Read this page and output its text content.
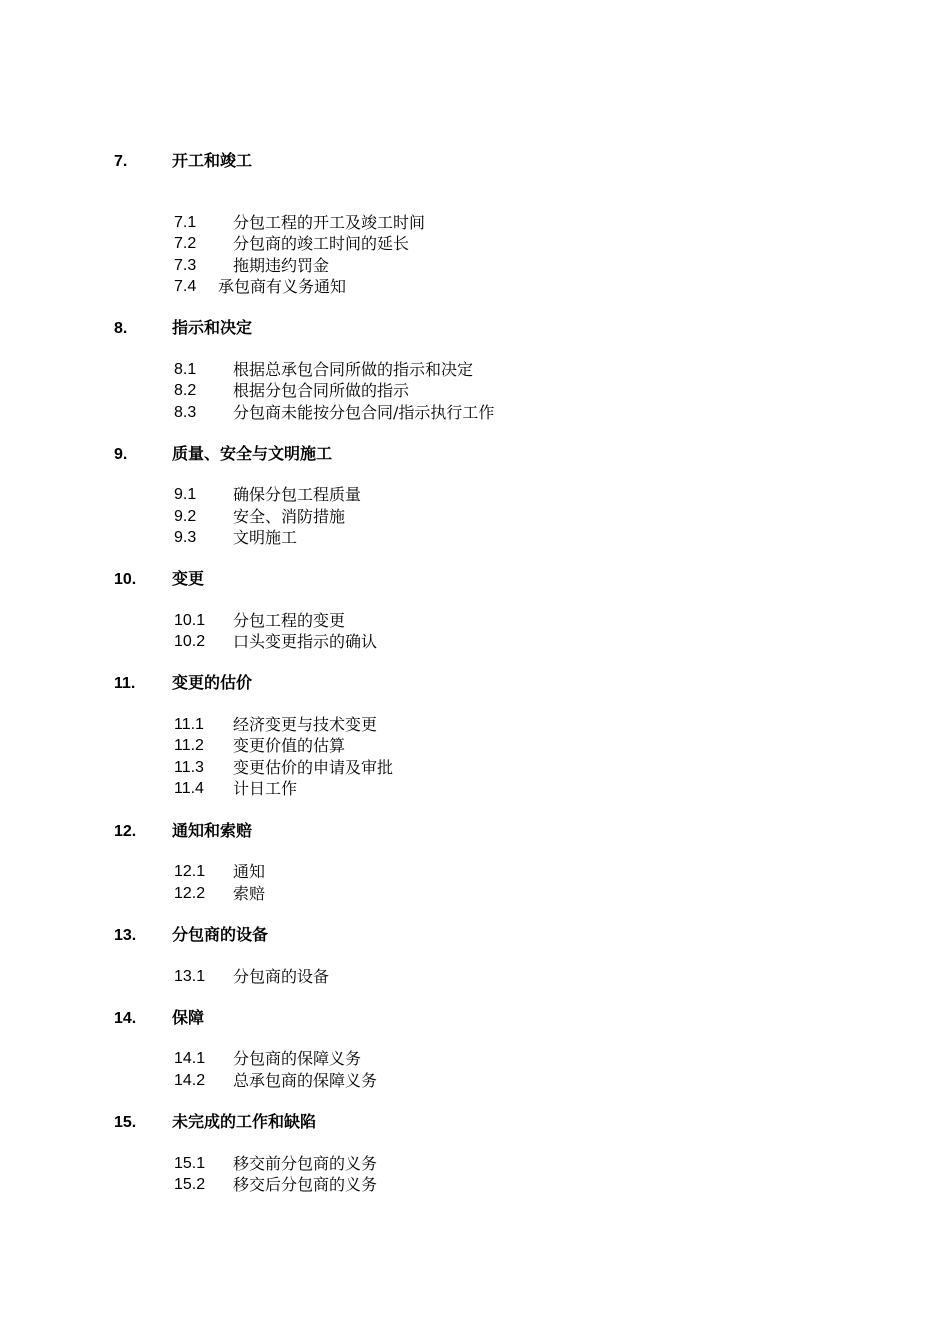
7.	开工和竣工
7.1 分包工程的开工及竣工时间
7.2 分包商的竣工时间的延长
7.3 拖期违约罚金
7.4 承包商有义务通知
8.	指示和决定
8.1 根据总承包合同所做的指示和决定
8.2 根据分包合同所做的指示
8.3 分包商未能按分包合同/指示执行工作
9.	质量、安全与文明施工
9.1 确保分包工程质量
9.2 安全、消防措施
9.3 文明施工
10. 变更
10.1 分包工程的变更
10.2 口头变更指示的确认
11. 变更的估价
11.1 经济变更与技术变更
11.2 变更价值的估算
11.3 变更估价的申请及审批
11.4 计日工作
12. 通知和索赔
12.1 通知
12.2 索赔
13. 分包商的设备
13.1 分包商的设备
14. 保障
14.1 分包商的保障义务
14.2 总承包商的保障义务
15. 未完成的工作和缺陷
15.1 移交前分包商的义务
15.2 移交后分包商的义务
